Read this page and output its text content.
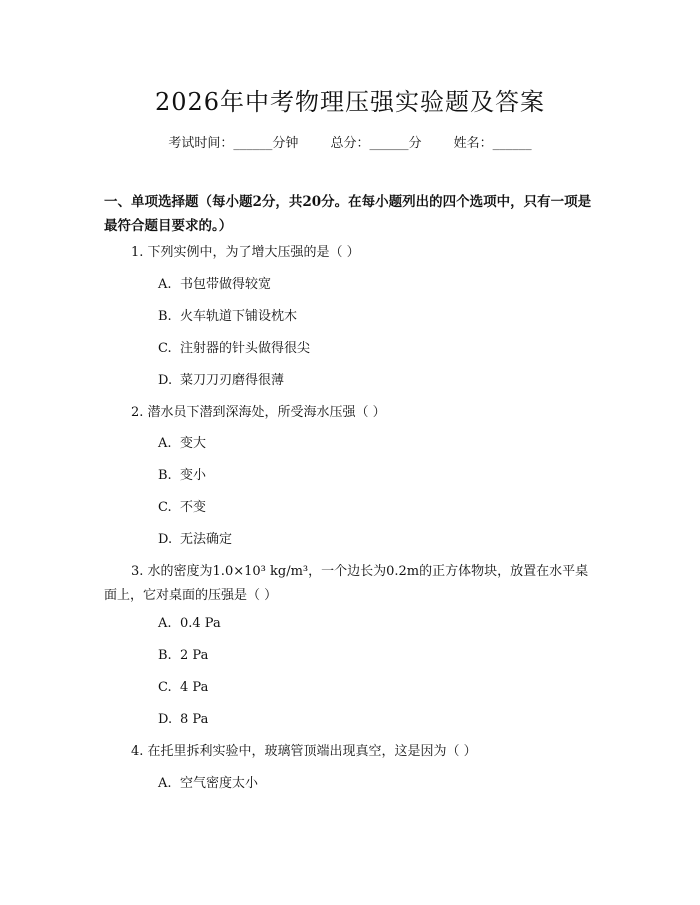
2026年中考物理压强实验题及答案
考试时间：______分钟 总分：______分 姓名：______
一、单项选择题（每小题2分，共20分。在每小题列出的四个选项中，只有一项是最符合题目要求的。）
1. 下列实例中，为了增大压强的是（ ）
A. 书包带做得较宽
B. 火车轨道下铺设枕木
C. 注射器的针头做得很尖
D. 菜刀刀刃磨得很薄
2. 潜水员下潜到深海处，所受海水压强（ ）
A. 变大
B. 变小
C. 不变
D. 无法确定
3. 水的密度为1.0×10³ kg/m³，一个边长为0.2m的正方体物块，放置在水平桌面上，它对桌面的压强是（ ）
A. 0.4 Pa
B. 2 Pa
C. 4 Pa
D. 8 Pa
4. 在托里拆利实验中，玻璃管顶端出现真空，这是因为（ ）
A. 空气密度太小
